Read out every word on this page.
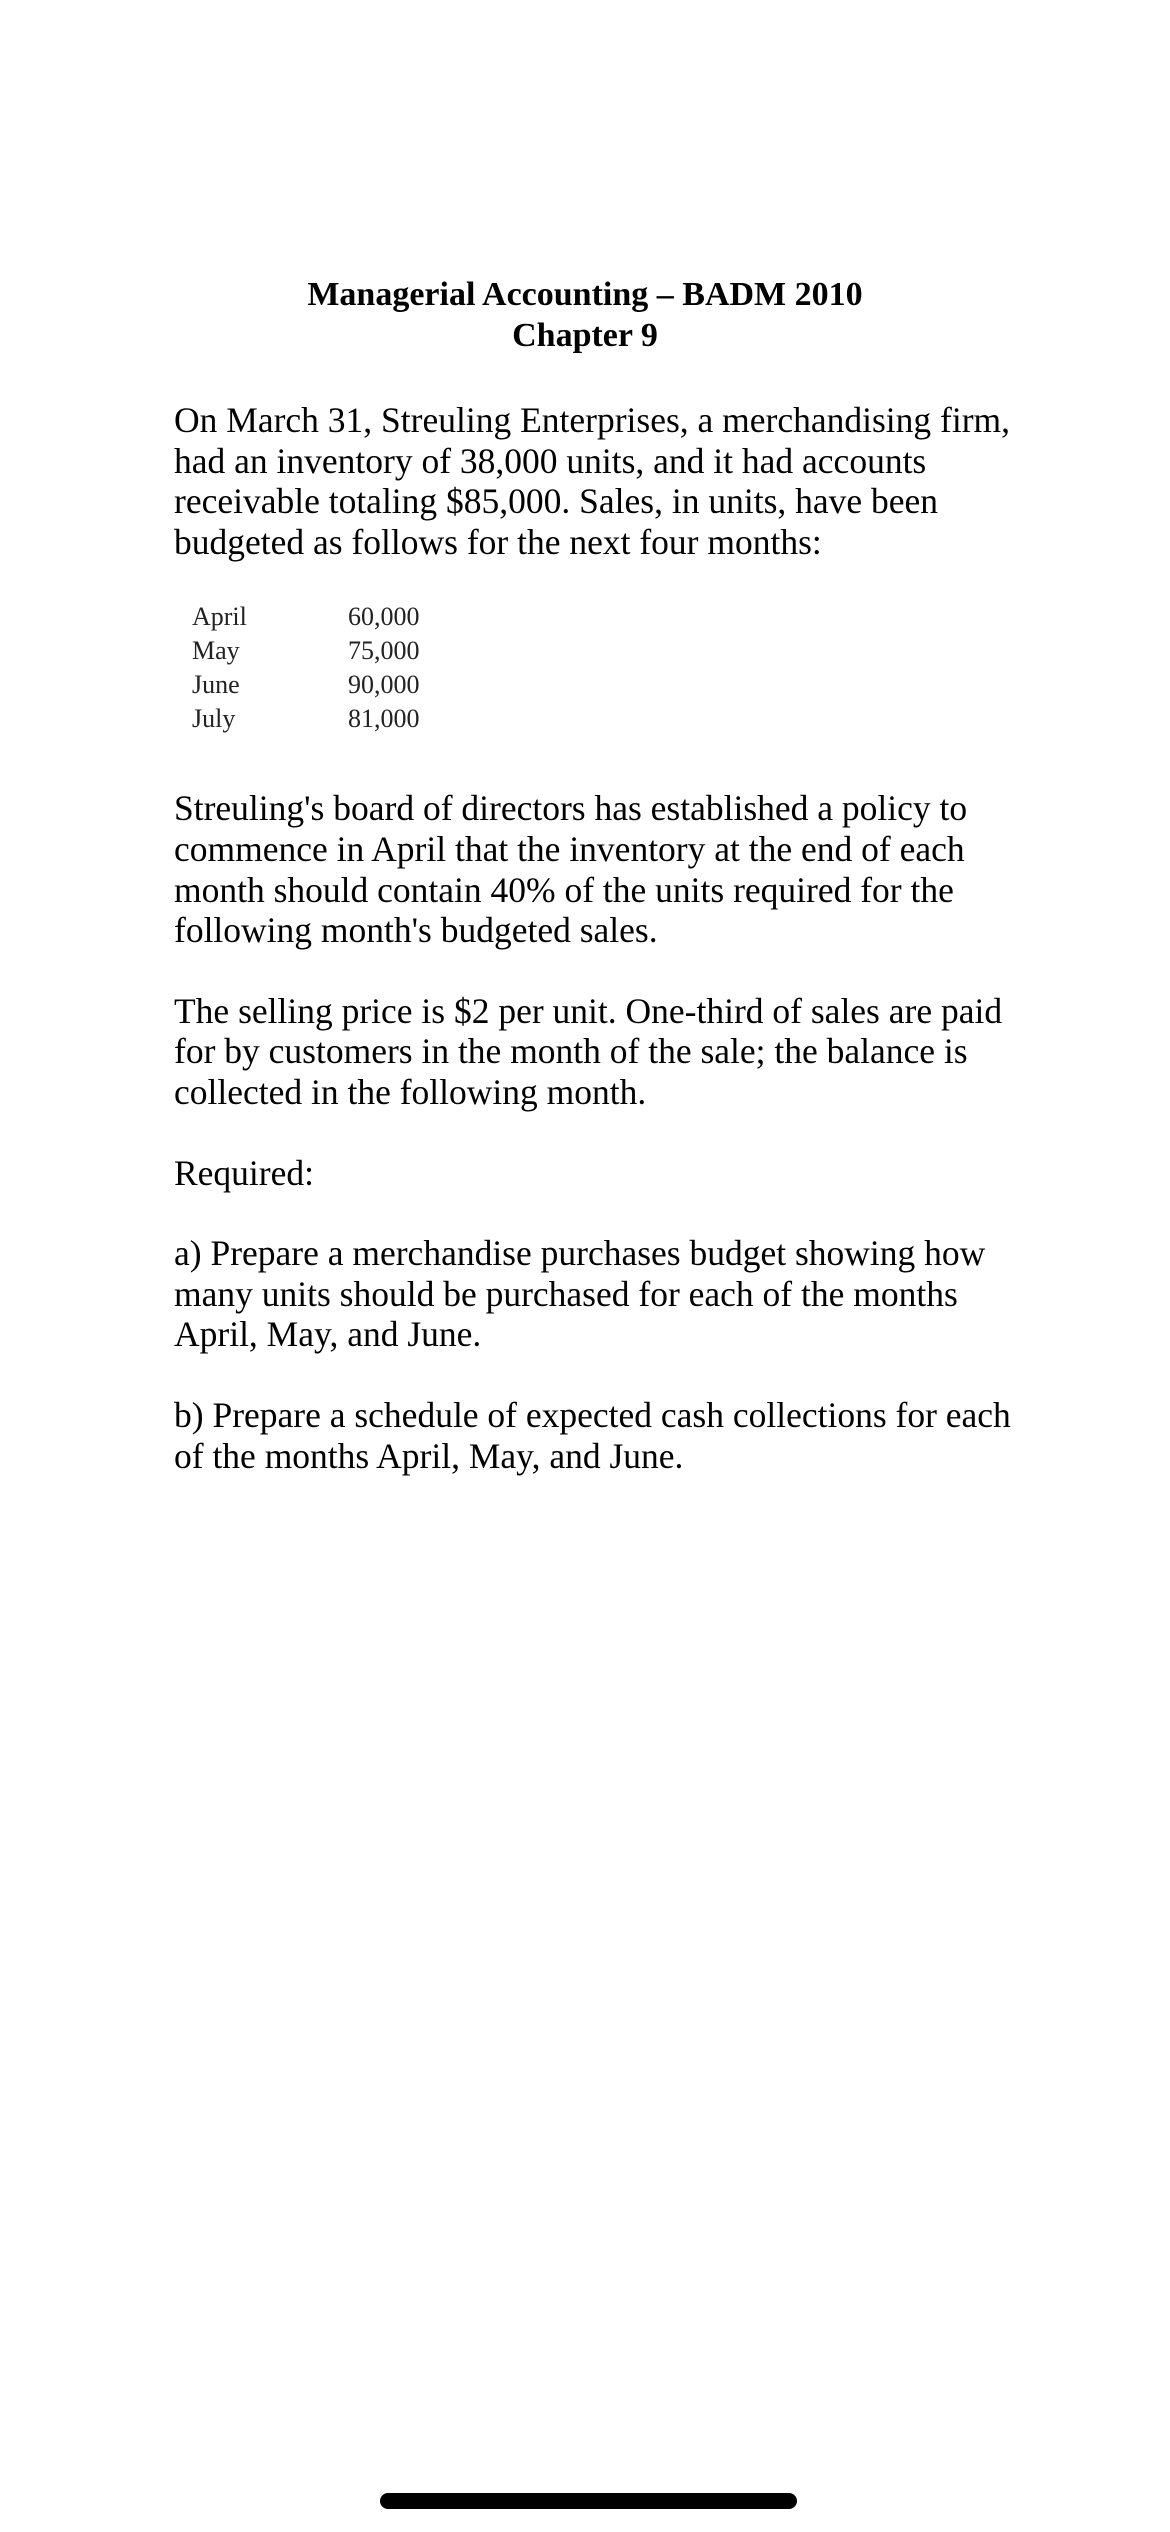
Managerial Accounting – BADM 2010
Chapter 9

On March 31, Streuling Enterprises, a merchandising firm, had an inventory of 38,000 units, and it had accounts receivable totaling $85,000. Sales, in units, have been budgeted as follows for the next four months:

April	60,000
May	75,000
June	90,000
July	81,000

Streuling's board of directors has established a policy to commence in April that the inventory at the end of each month should contain 40% of the units required for the following month's budgeted sales.

The selling price is $2 per unit. One-third of sales are paid for by customers in the month of the sale; the balance is collected in the following month.

Required:

a) Prepare a merchandise purchases budget showing how many units should be purchased for each of the months April, May, and June.

b) Prepare a schedule of expected cash collections for each of the months April, May, and June.
